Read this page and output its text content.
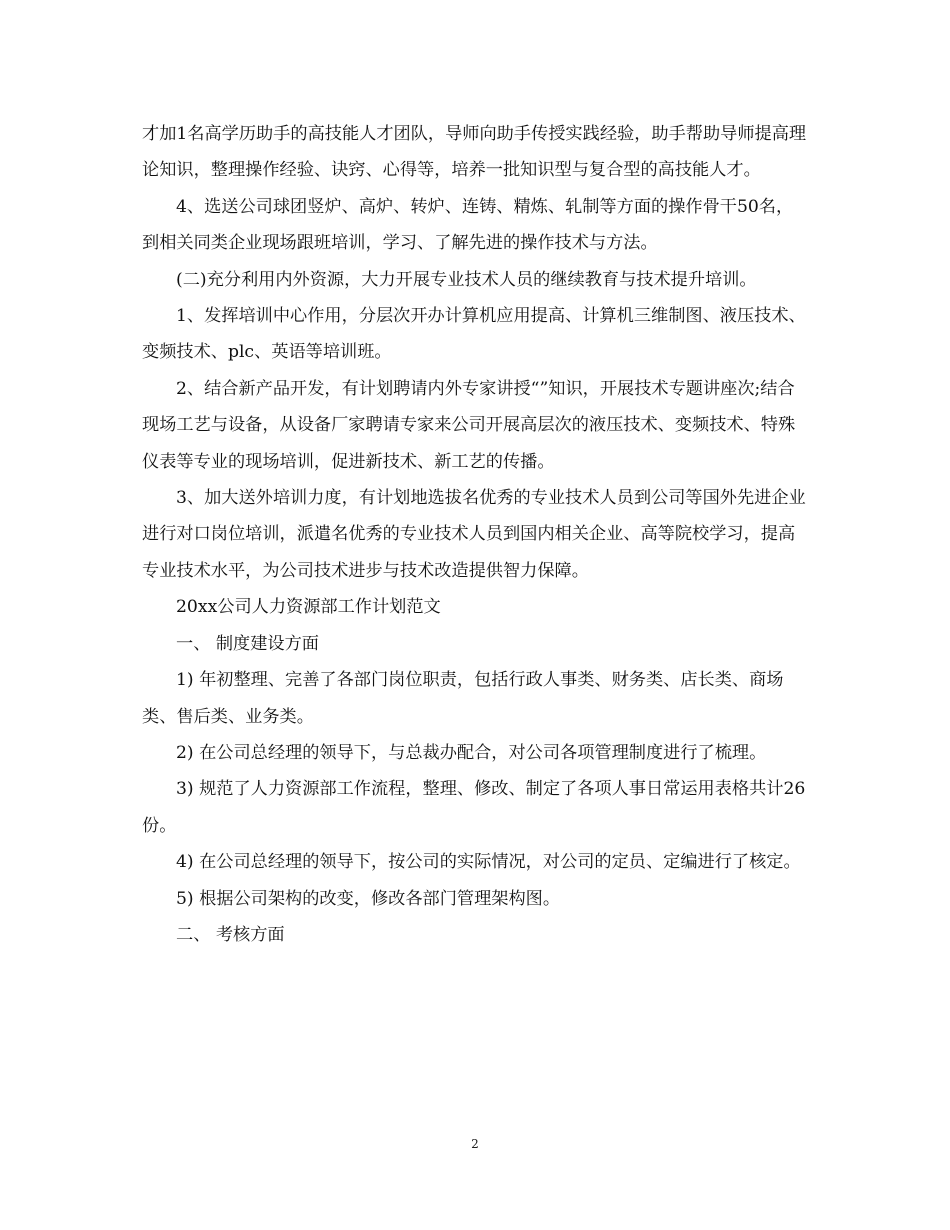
才加1名高学历助手的高技能人才团队，导师向助手传授实践经验，助手帮助导师提高理论知识，整理操作经验、诀窍、心得等，培养一批知识型与复合型的高技能人才。

4、选送公司球团竖炉、高炉、转炉、连铸、精炼、轧制等方面的操作骨干50名，到相关同类企业现场跟班培训，学习、了解先进的操作技术与方法。

(二)充分利用内外资源，大力开展专业技术人员的继续教育与技术提升培训。

1、发挥培训中心作用，分层次开办计算机应用提高、计算机三维制图、液压技术、变频技术、plc、英语等培训班。

2、结合新产品开发，有计划聘请内外专家讲授“”知识，开展技术专题讲座次;结合现场工艺与设备，从设备厂家聘请专家来公司开展高层次的液压技术、变频技术、特殊仪表等专业的现场培训，促进新技术、新工艺的传播。

3、加大送外培训力度，有计划地选拔名优秀的专业技术人员到公司等国外先进企业进行对口岗位培训，派遣名优秀的专业技术人员到国内相关企业、高等院校学习，提高专业技术水平，为公司技术进步与技术改造提供智力保障。

20xx公司人力资源部工作计划范文

一、 制度建设方面

1) 年初整理、完善了各部门岗位职责，包括行政人事类、财务类、店长类、商场类、售后类、业务类。

2) 在公司总经理的领导下，与总裁办配合，对公司各项管理制度进行了梳理。

3) 规范了人力资源部工作流程，整理、修改、制定了各项人事日常运用表格共计26份。

4) 在公司总经理的领导下，按公司的实际情况，对公司的定员、定编进行了核定。

5) 根据公司架构的改变，修改各部门管理架构图。

二、 考核方面

2
